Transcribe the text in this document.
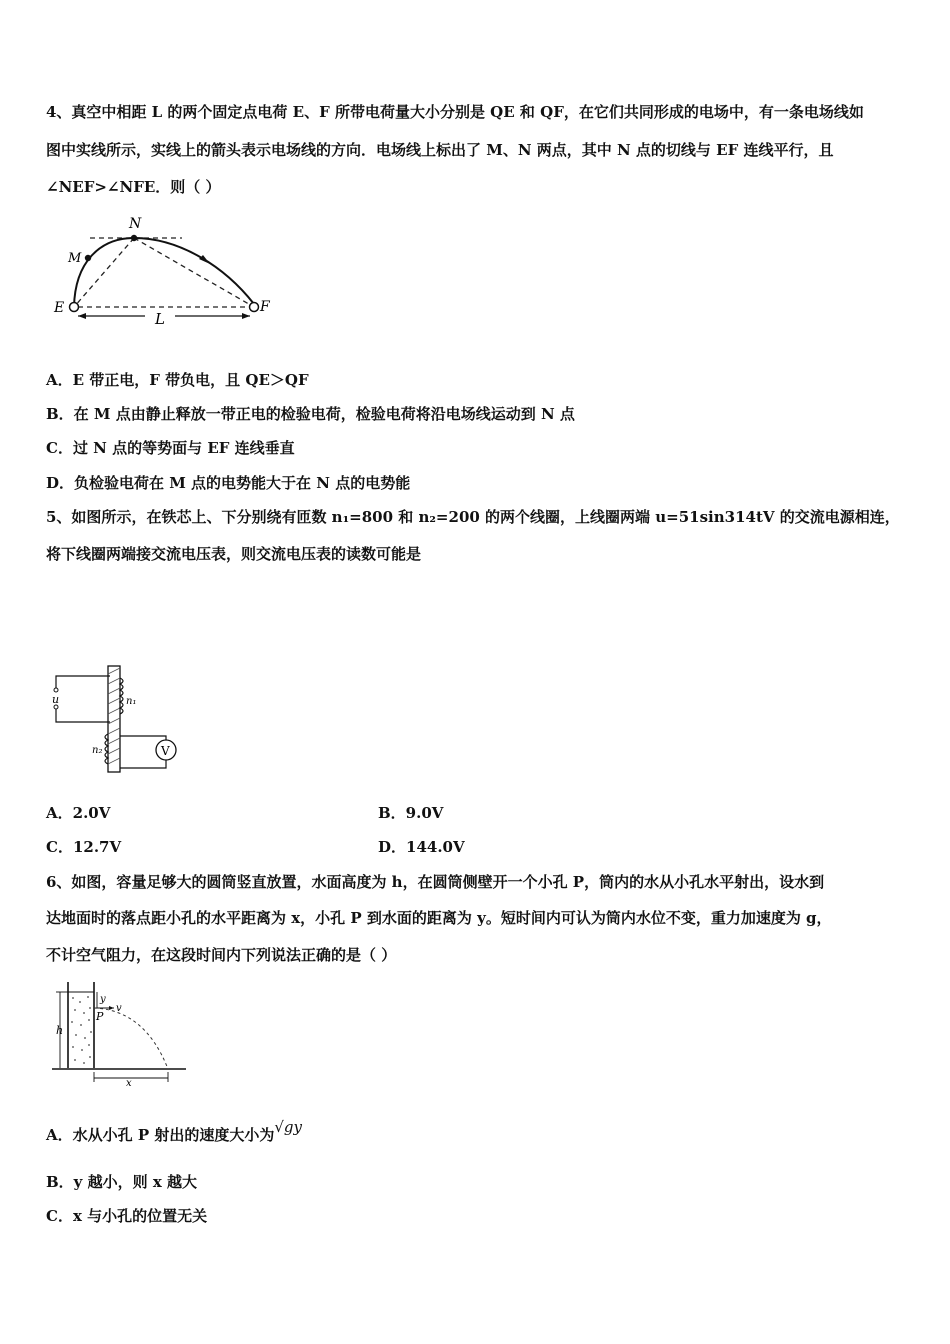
4、真空中相距 L 的两个固定点电荷 E、F 所带电荷量大小分别是 QE 和 QF，在它们共同形成的电场中，有一条电场线如
图中实线所示，实线上的箭头表示电场线的方向．电场线上标出了 M、N 两点，其中 N 点的切线与 EF 连线平行，且
∠NEF>∠NFE．则（ ）
N
M
E	F
L
A．E 带正电，F 带负电，且 QE＞QF
B．在 M 点由静止释放一带正电的检验电荷，检验电荷将沿电场线运动到 N 点
C．过 N 点的等势面与 EF 连线垂直
D．负检验电荷在 M 点的电势能大于在 N 点的电势能
5、如图所示，在铁芯上、下分别绕有匝数 n₁=800 和 n₂=200 的两个线圈，上线圈两端 u=51sin314tV 的交流电源相连，
将下线圈两端接交流电压表，则交流电压表的读数可能是
u	n₁
n₂	V
A．2.0V	B．9.0V
C．12.7V	D．144.0V
6、如图，容量足够大的圆筒竖直放置，水面高度为 h，在圆筒侧壁开一个小孔 P，筒内的水从小孔水平射出，设水到
达地面时的落点距小孔的水平距离为 x，小孔 P 到水面的距离为 y。短时间内可认为筒内水位不变，重力加速度为 g，
不计空气阻力，在这段时间内下列说法正确的是（ ）
h
y
v
P
x
A．水从小孔 P 射出的速度大小为√gy
B．y 越小，则 x 越大
C．x 与小孔的位置无关
